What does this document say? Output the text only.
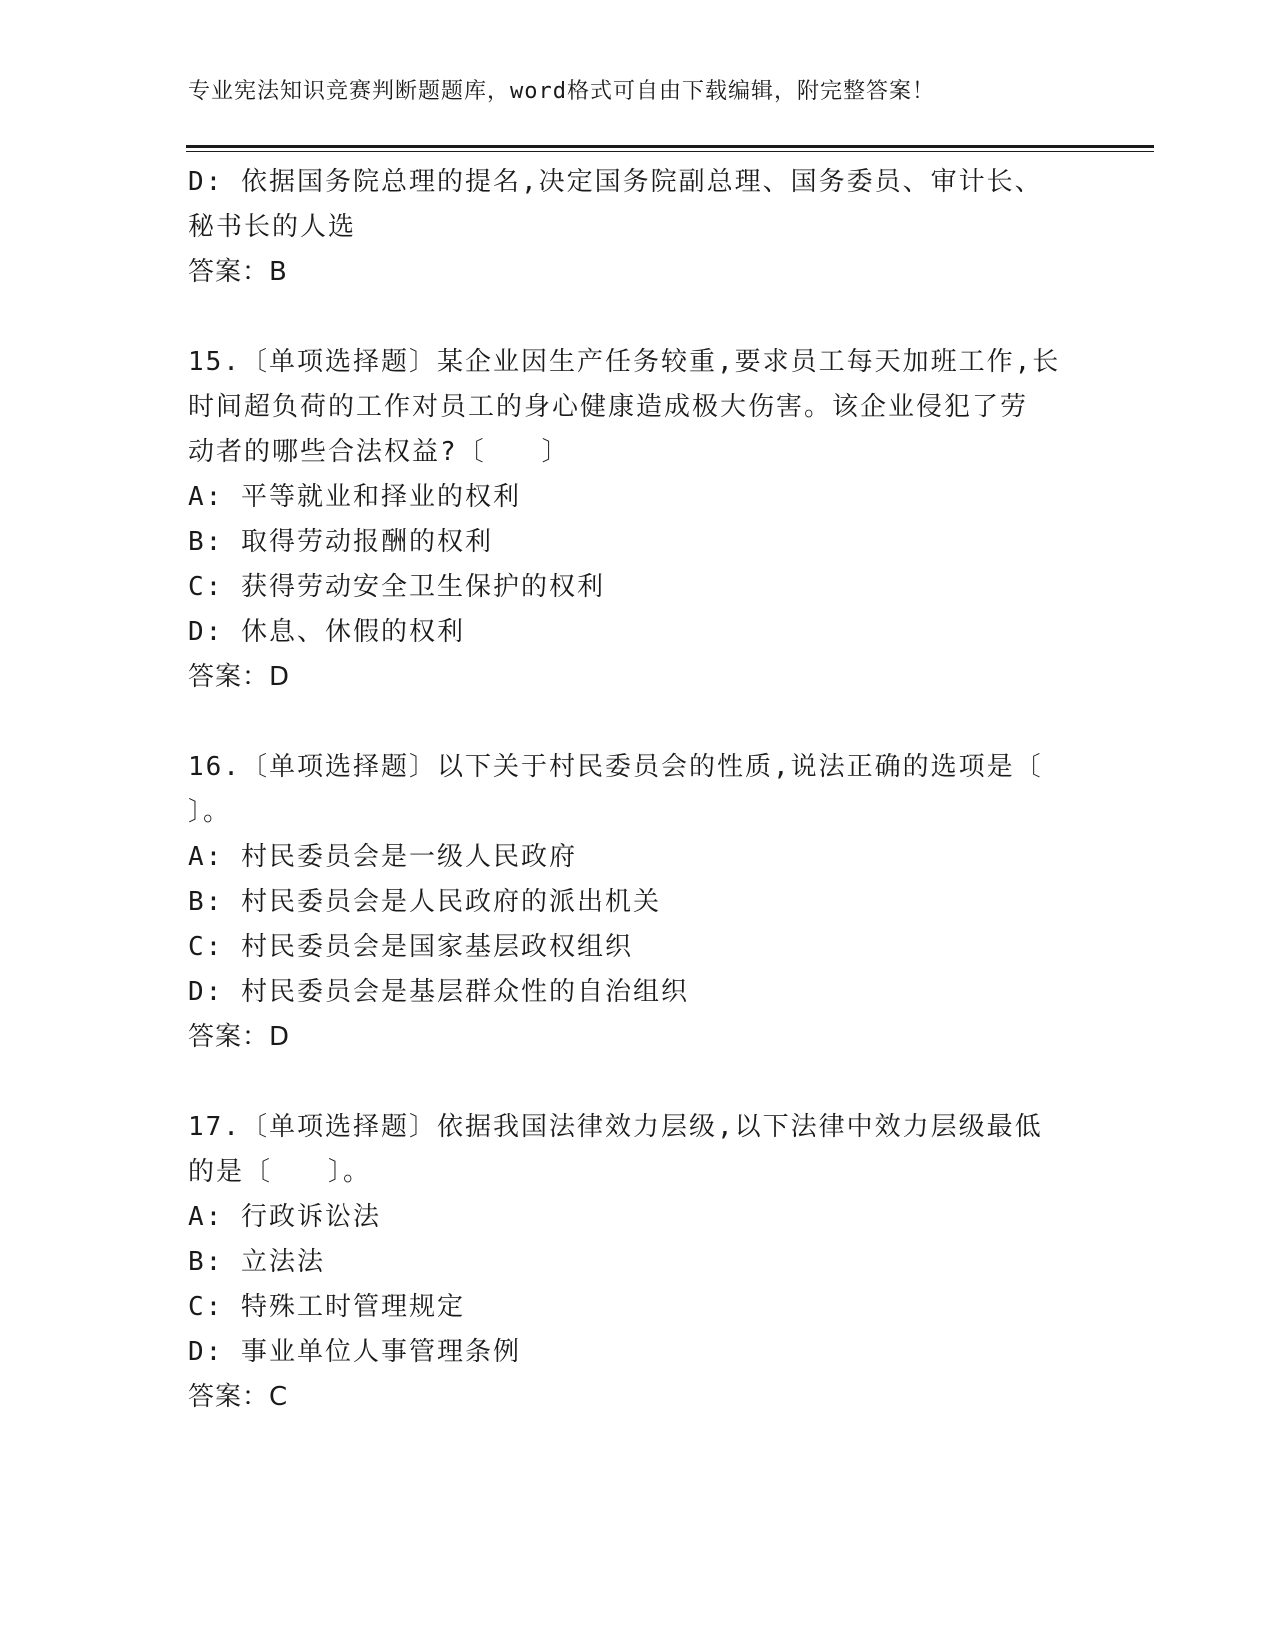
专业宪法知识竞赛判断题题库，word格式可自由下载编辑，附完整答案！
D: 依据国务院总理的提名,决定国务院副总理、国务委员、审计长、
秘书长的人选
答案：B
15.〔单项选择题〕某企业因生产任务较重,要求员工每天加班工作,长
时间超负荷的工作对员工的身心健康造成极大伤害。该企业侵犯了劳
动者的哪些合法权益?〔　　〕
A: 平等就业和择业的权利
B: 取得劳动报酬的权利
C: 获得劳动安全卫生保护的权利
D: 休息、休假的权利
答案：D
16.〔单项选择题〕以下关于村民委员会的性质,说法正确的选项是〔
〕。
A: 村民委员会是一级人民政府
B: 村民委员会是人民政府的派出机关
C: 村民委员会是国家基层政权组织
D: 村民委员会是基层群众性的自治组织
答案：D
17.〔单项选择题〕依据我国法律效力层级,以下法律中效力层级最低
的是〔　　〕。
A: 行政诉讼法
B: 立法法
C: 特殊工时管理规定
D: 事业单位人事管理条例
答案：C
